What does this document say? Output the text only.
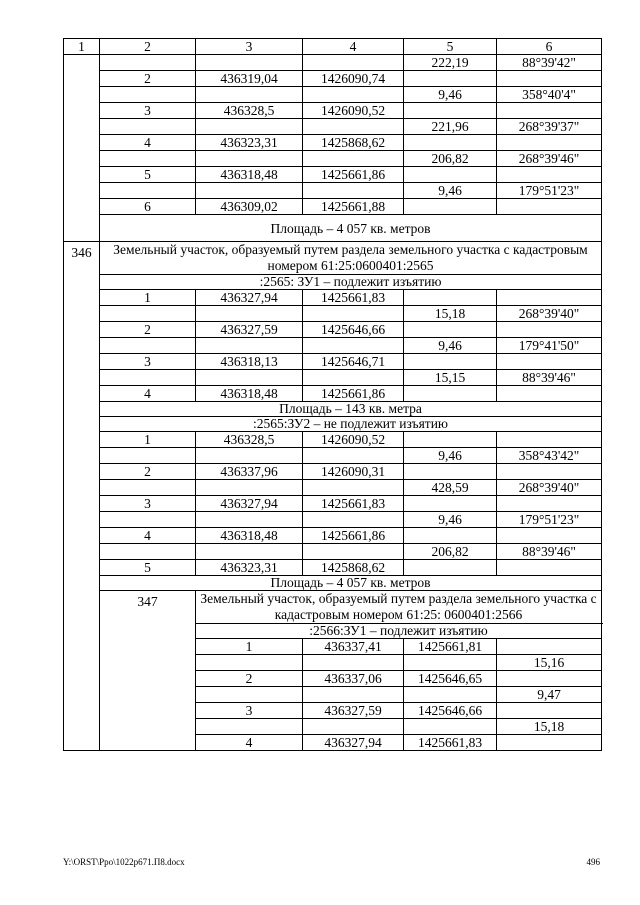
1	2	3	4	5	6	
				222,19	88°39'42"	
	2	436319,04	1426090,74			
				9,46	358°40'4"	
	3	436328,5	1426090,52			
				221,96	268°39'37"	
	4	436323,31	1425868,62			
				206,82	268°39'46"	
	5	436318,48	1425661,86			
				9,46	179°51'23"	
	6	436309,02	1425661,88			
	Площадь – 4 057 кв. метров					
346	Земельный участок, образуемый путем раздела земельного участка с кадастровым номером 61:25:0600401:2565					
	:2565: ЗУ1 – подлежит изъятию					
	1	436327,94	1425661,83			
				15,18	268°39'40"	
	2	436327,59	1425646,66			
				9,46	179°41'50"	
	3	436318,13	1425646,71			
				15,15	88°39'46"	
	4	436318,48	1425661,86			
	Площадь – 143 кв. метра					
	:2565:ЗУ2 – не подлежит изъятию					
	1	436328,5	1426090,52			
				9,46	358°43'42"	
	2	436337,96	1426090,31			
				428,59	268°39'40"	
	3	436327,94	1425661,83			
				9,46	179°51'23"	
	4	436318,48	1425661,86			
				206,82	88°39'46"	
	5	436323,31	1425868,62			
	Площадь – 4 057 кв. метров					
	347	Земельный участок, образуемый путем раздела земельного участка с кадастровым номером 61:25: 0600401:2566				
		:2566:ЗУ1 – подлежит изъятию				
		1	436337,41	1425661,81		
					15,16	
		2	436337,06	1425646,65		
					9,47	
		3	436327,59	1425646,66		
					15,18	
		4	436327,94	1425661,83		
Y:\ORST\Ppo\1022p671.П8.docx	496
